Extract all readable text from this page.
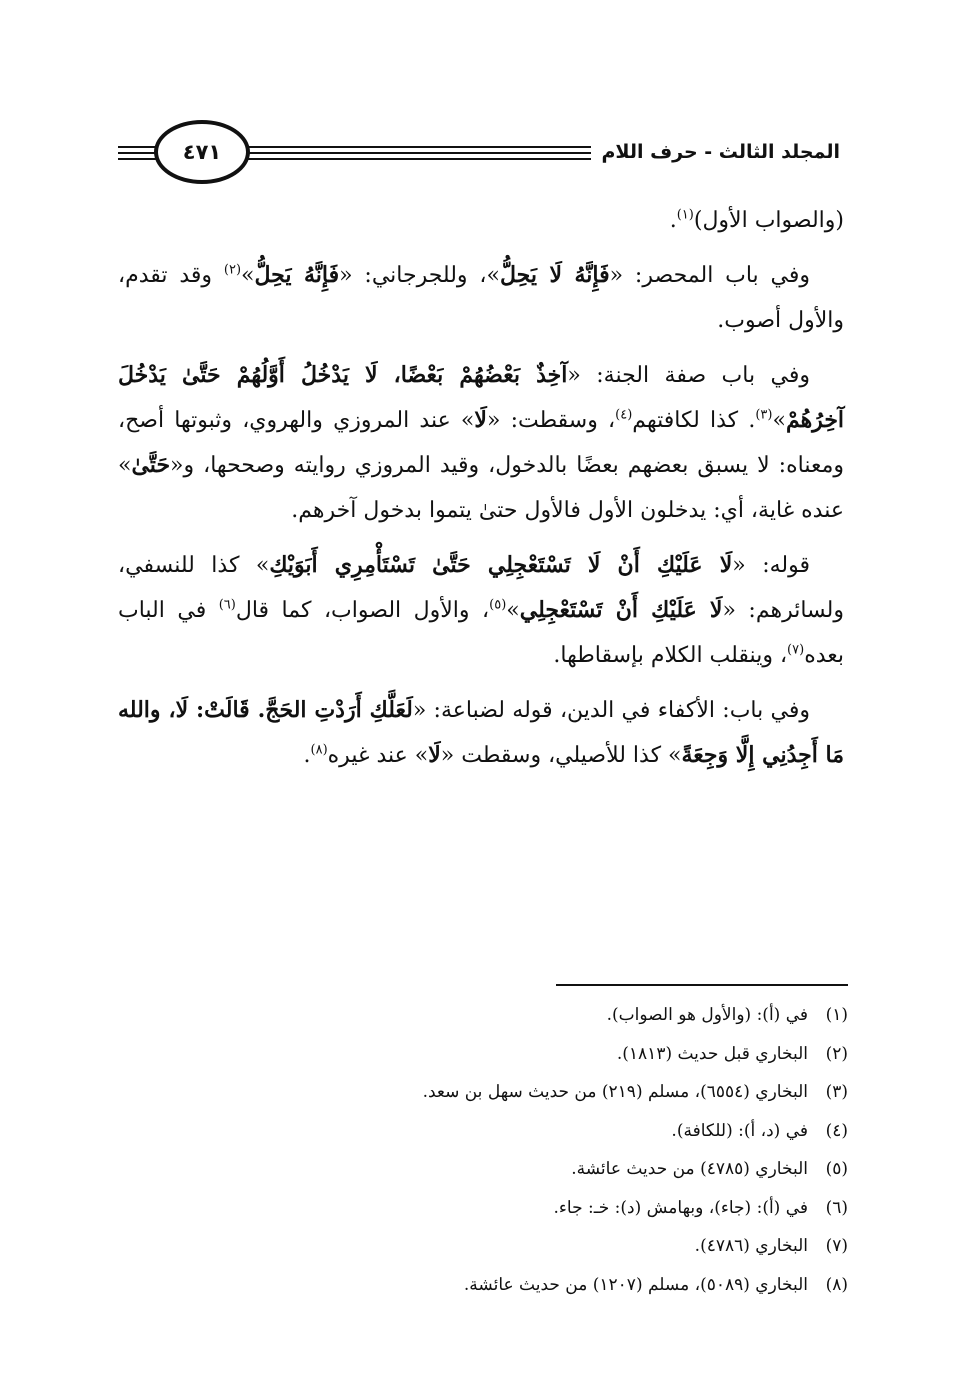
المجلد الثالث - حرف اللام
٤٧١

(والصواب الأول)$^{(١)}$.

وفي باب المحصر: «فَإِنَّهُ لَا يَحِلُّ»، وللجرجاني: «فَإِنَّهُ يَحِلُّ»$^{(٢)}$ وقد تقدم، والأول أصوب.

وفي باب صفة الجنة: «آخِذٌ بَعْضُهُمْ بَعْضًا، لَا يَدْخُلُ أَوَّلُهُمْ حَتَّىٰ يَدْخُلَ آخِرُهُمْ»$^{(٣)}$. كذا لكافتهم$^{(٤)}$، وسقطت: «لَا» عند المروزي والهروي، وثبوتها أصح، ومعناه: لا يسبق بعضهم بعضًا بالدخول، وقيد المروزي روايته وصححها، و«حَتَّىٰ» عنده غاية، أي: يدخلون الأول فالأول حتىٰ يتموا بدخول آخرهم.

قوله: «لَا عَلَيْكِ أَنْ لَا تَسْتَعْجِلِي حَتَّىٰ تَسْتَأْمِرِي أَبَوَيْكِ» كذا للنسفي، ولسائرهم: «لَا عَلَيْكِ أَنْ تَسْتَعْجِلِي»$^{(٥)}$، والأول الصواب، كما قال$^{(٦)}$ في الباب بعده$^{(٧)}$، وينقلب الكلام بإسقاطها.

وفي باب: الأكفاء في الدين، قوله لضباعة: «لَعَلَّكِ أَرَدْتِ الحَجَّ. قَالَتْ: لَا، والله مَا أَجِدُنِي إِلَّا وَجِعَةً» كذا للأصيلي، وسقطت «لَا» عند غيره$^{(٨)}$.

(١)في (أ): (والأول هو الصواب).
(٢)البخاري قبل حديث (١٨١٣).
(٣)البخاري (٦٥٥٤)، مسلم (٢١٩) من حديث سهل بن سعد.
(٤)في (د، أ): (للكافة).
(٥)البخاري (٤٧٨٥) من حديث عائشة.
(٦)في (أ): (جاء)، وبهامش (د): خـ: جاء.
(٧)البخاري (٤٧٨٦).
(٨)البخاري (٥٠٨٩)، مسلم (١٢٠٧) من حديث عائشة.
